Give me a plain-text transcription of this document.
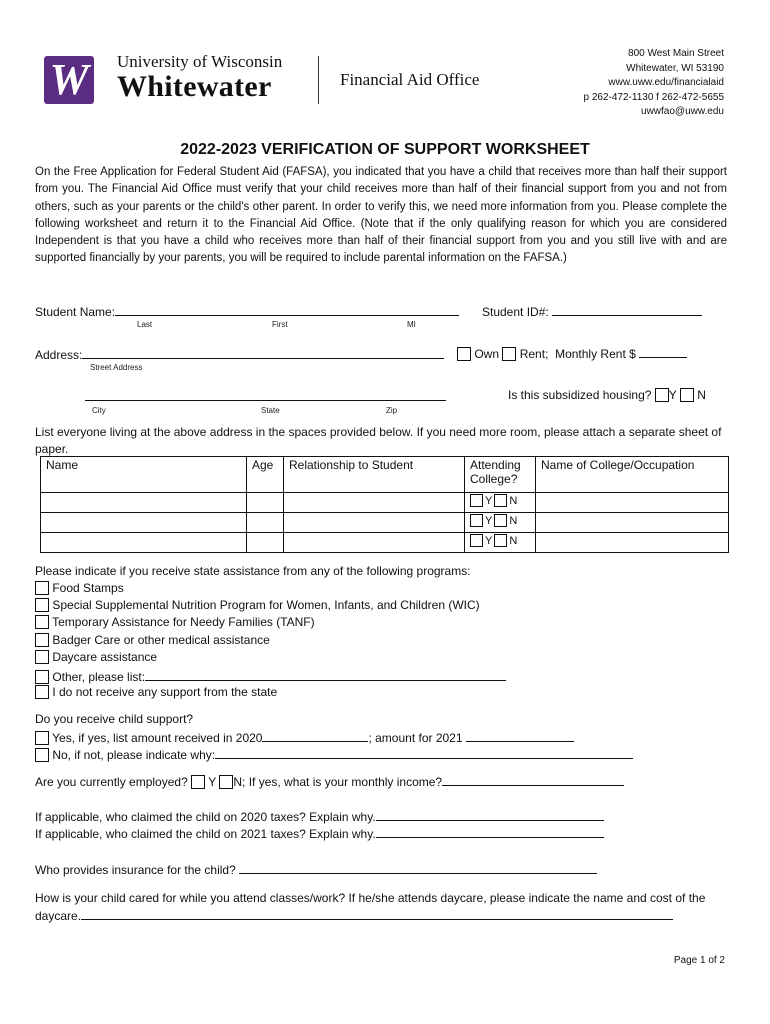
W	University of Wisconsin
Whitewater	Financial Aid Office
800 West Main Street
Whitewater, WI 53190
www.uww.edu/financialaid
p 262-472-1130 f 262-472-5655
uwwfao@uww.edu
2022-2023 VERIFICATION OF SUPPORT WORKSHEET
On the Free Application for Federal Student Aid (FAFSA), you indicated that you have a child that receives more than half their support from you. The Financial Aid Office must verify that your child receives more than half of their financial support from you and not from others, such as your parents or the child's other parent. In order to verify this, we need more information from you. Please complete the following worksheet and return it to the Financial Aid Office. (Note that if the only qualifying reason for which you are considered Independent is that you have a child who receives more than half of their financial support from you and you still live with and are supported financially by your parents, you will be required to include parental information on the FAFSA.)
Student Name:	Student ID#:
Last	First	MI
Address:	Own Rent; Monthly Rent $
Street Address
Is this subsidized housing? Y N
City	State	Zip
List everyone living at the above address in the spaces provided below. If you need more room, please attach a separate sheet of paper.
Name	Age	Relationship to Student	Attending College?	Name of College/Occupation

			Y N	

			Y N	

			Y N	

Please indicate if you receive state assistance from any of the following programs:
Food Stamps
Special Supplemental Nutrition Program for Women, Infants, and Children (WIC)
Temporary Assistance for Needy Families (TANF)
Badger Care or other medical assistance
Daycare assistance
Other, please list:
I do not receive any support from the state
Do you receive child support?
Yes, if yes, list amount received in 2020	; amount for 2021
No, if not, please indicate why:
Are you currently employed? Y N; If yes, what is your monthly income?
If applicable, who claimed the child on 2020 taxes? Explain why.
If applicable, who claimed the child on 2021 taxes? Explain why.
Who provides insurance for the child?
How is your child cared for while you attend classes/work? If he/she attends daycare, please indicate the name and cost of the daycare.
Page 1 of 2
